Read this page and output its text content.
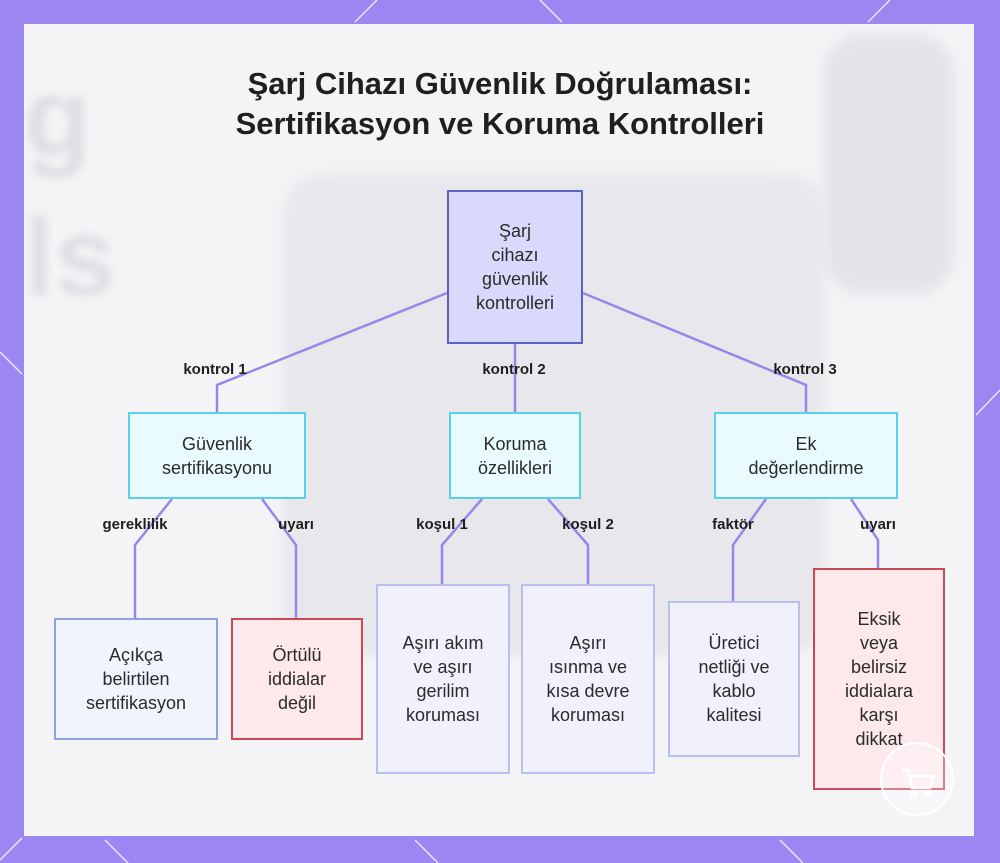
g
ls
Şarj Cihazı Güvenlik Doğrulaması:
Sertifikasyon ve Koruma Kontrolleri
Şarj
cihazı
güvenlik
kontrolleri
Güvenlik
sertifikasyonu
Koruma
özellikleri
Ek
değerlendirme
Açıkça
belirtilen
sertifikasyon
Örtülü
iddialar
değil
Aşırı akım
ve aşırı
gerilim
koruması
Aşırı
ısınma ve
kısa devre
koruması
Üretici
netliği ve
kablo
kalitesi
Eksik
veya
belirsiz
iddialara
karşı
dikkat
kontrol 1	kontrol 2	kontrol 3
gereklilik	uyarı	koşul 1	koşul 2	faktör	uyarı
